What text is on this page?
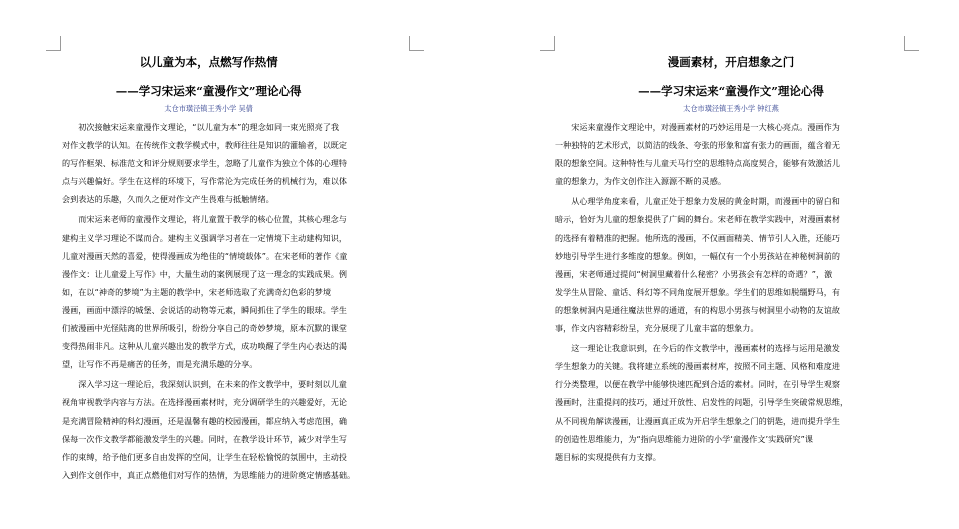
以儿童为本，点燃写作热情
——学习宋运来“童漫作文”理论心得
太仓市璜泾镇王秀小学 吴倩
初次接触宋运来童漫作文理论，“以儿童为本”的理念如同一束光照亮了我
对作文教学的认知。在传统作文教学模式中，教师往往是知识的灌输者，以既定
的写作框架、标准范文和评分规则要求学生，忽略了儿童作为独立个体的心理特
点与兴趣偏好。学生在这样的环境下，写作常沦为完成任务的机械行为，难以体
会到表达的乐趣，久而久之便对作文产生畏难与抵触情绪。
而宋运来老师的童漫作文理论，将儿童置于教学的核心位置，其核心理念与
建构主义学习理论不谋而合。建构主义强调学习者在一定情境下主动建构知识，
儿童对漫画天然的喜爱，使得漫画成为绝佳的“情境载体”。在宋老师的著作《童
漫作文：让儿童爱上写作》中，大量生动的案例展现了这一理念的实践成果。例
如，在以“神奇的梦境”为主题的教学中，宋老师选取了充满奇幻色彩的梦境
漫画，画面中漂浮的城堡、会说话的动物等元素，瞬间抓住了学生的眼球。学生
们被漫画中光怪陆离的世界所吸引，纷纷分享自己的奇妙梦境，原本沉默的课堂
变得热闹非凡。这种从儿童兴趣出发的教学方式，成功唤醒了学生内心表达的渴
望，让写作不再是痛苦的任务，而是充满乐趣的分享。
深入学习这一理论后，我深刻认识到，在未来的作文教学中，要时刻以儿童
视角审视教学内容与方法。在选择漫画素材时，充分调研学生的兴趣爱好，无论
是充满冒险精神的科幻漫画，还是温馨有趣的校园漫画，都应纳入考虑范围，确
保每一次作文教学都能激发学生的兴趣。同时，在教学设计环节，减少对学生写
作的束缚，给予他们更多自由发挥的空间，让学生在轻松愉悦的氛围中，主动投
入到作文创作中，真正点燃他们对写作的热情，为思维能力的进阶奠定情感基础。
漫画素材，开启想象之门
——学习宋运来“童漫作文”理论心得
太仓市璜泾镇王秀小学 钟红燕
宋运来童漫作文理论中，对漫画素材的巧妙运用是一大核心亮点。漫画作为
一种独特的艺术形式，以简洁的线条、夸张的形象和富有张力的画面，蕴含着无
限的想象空间。这种特性与儿童天马行空的思维特点高度契合，能够有效激活儿
童的想象力，为作文创作注入源源不断的灵感。
从心理学角度来看，儿童正处于想象力发展的黄金时期，而漫画中的留白和
暗示，恰好为儿童的想象提供了广阔的舞台。宋老师在教学实践中，对漫画素材
的选择有着精准的把握。他所选的漫画，不仅画面精美、情节引人入胜，还能巧
妙地引导学生进行多维度的想象。例如，一幅仅有一个小男孩站在神秘树洞前的
漫画，宋老师通过提问“树洞里藏着什么秘密？小男孩会有怎样的奇遇？”，激
发学生从冒险、童话、科幻等不同角度展开想象。学生们的思维如脱缰野马，有
的想象树洞内是通往魔法世界的通道，有的构思小男孩与树洞里小动物的友谊故
事，作文内容精彩纷呈，充分展现了儿童丰富的想象力。
这一理论让我意识到，在今后的作文教学中，漫画素材的选择与运用是激发
学生想象力的关键。我将建立系统的漫画素材库，按照不同主题、风格和难度进
行分类整理，以便在教学中能够快速匹配到合适的素材。同时，在引导学生观察
漫画时，注重提问的技巧，通过开放性、启发性的问题，引导学生突破常规思维，
从不同视角解读漫画，让漫画真正成为开启学生想象之门的钥匙，进而提升学生
的创造性思维能力，为“指向思维能力进阶的小学‘童漫作文’实践研究”课
题目标的实现提供有力支撑。
